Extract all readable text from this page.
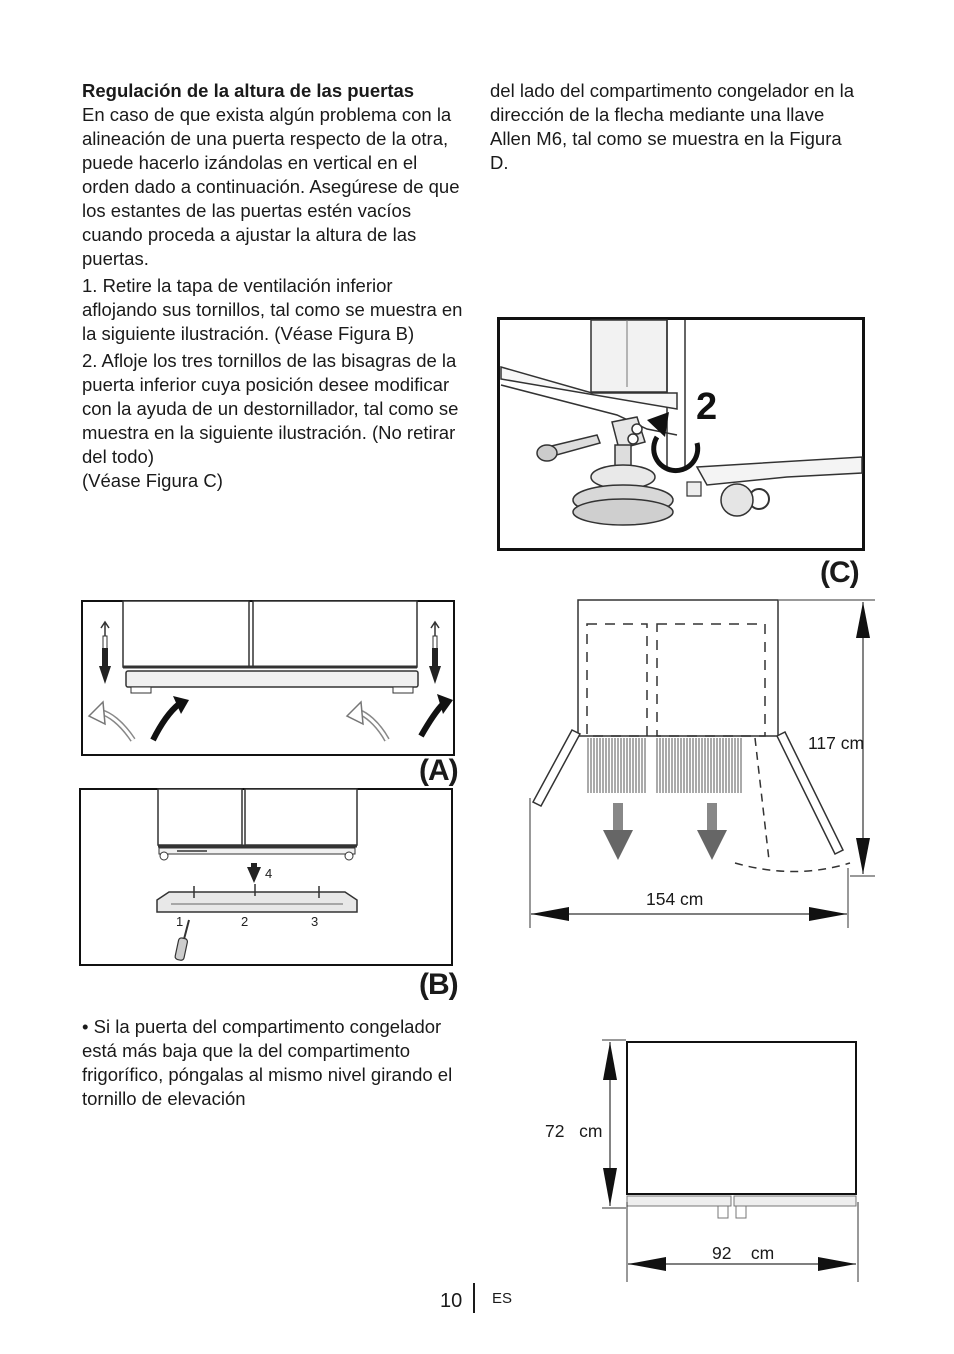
Regulación de la altura de las puertas
En caso de que exista algún problema con la alineación de una puerta respecto de la otra, puede hacerlo izándolas en vertical en el orden dado a continuación. Asegúrese de que los estantes de las puertas estén vacíos cuando proceda a ajustar la altura de las puertas.

1. Retire la tapa de ventilación inferior aflojando sus tornillos, tal como se muestra en la siguiente ilustración. (Véase Figura B)

2. Afloje los tres tornillos de las bisagras de la puerta inferior cuya posición desee modificar con la ayuda de un destornillador, tal como se muestra en la siguiente ilustración. (No retirar del todo)

(Véase Figura C)

del lado del compartimento congelador en la dirección de la flecha mediante una llave Allen M6, tal como se muestra en la Figura D.

• Si la puerta del compartimento congelador está más baja que la del compartimento frigorífico, póngalas al mismo nivel girando el tornillo de elevación

2
(C)
(A)
4
1	2	3
(B)
117 cm
154 cm
72 cm
92 cm
10 ES
